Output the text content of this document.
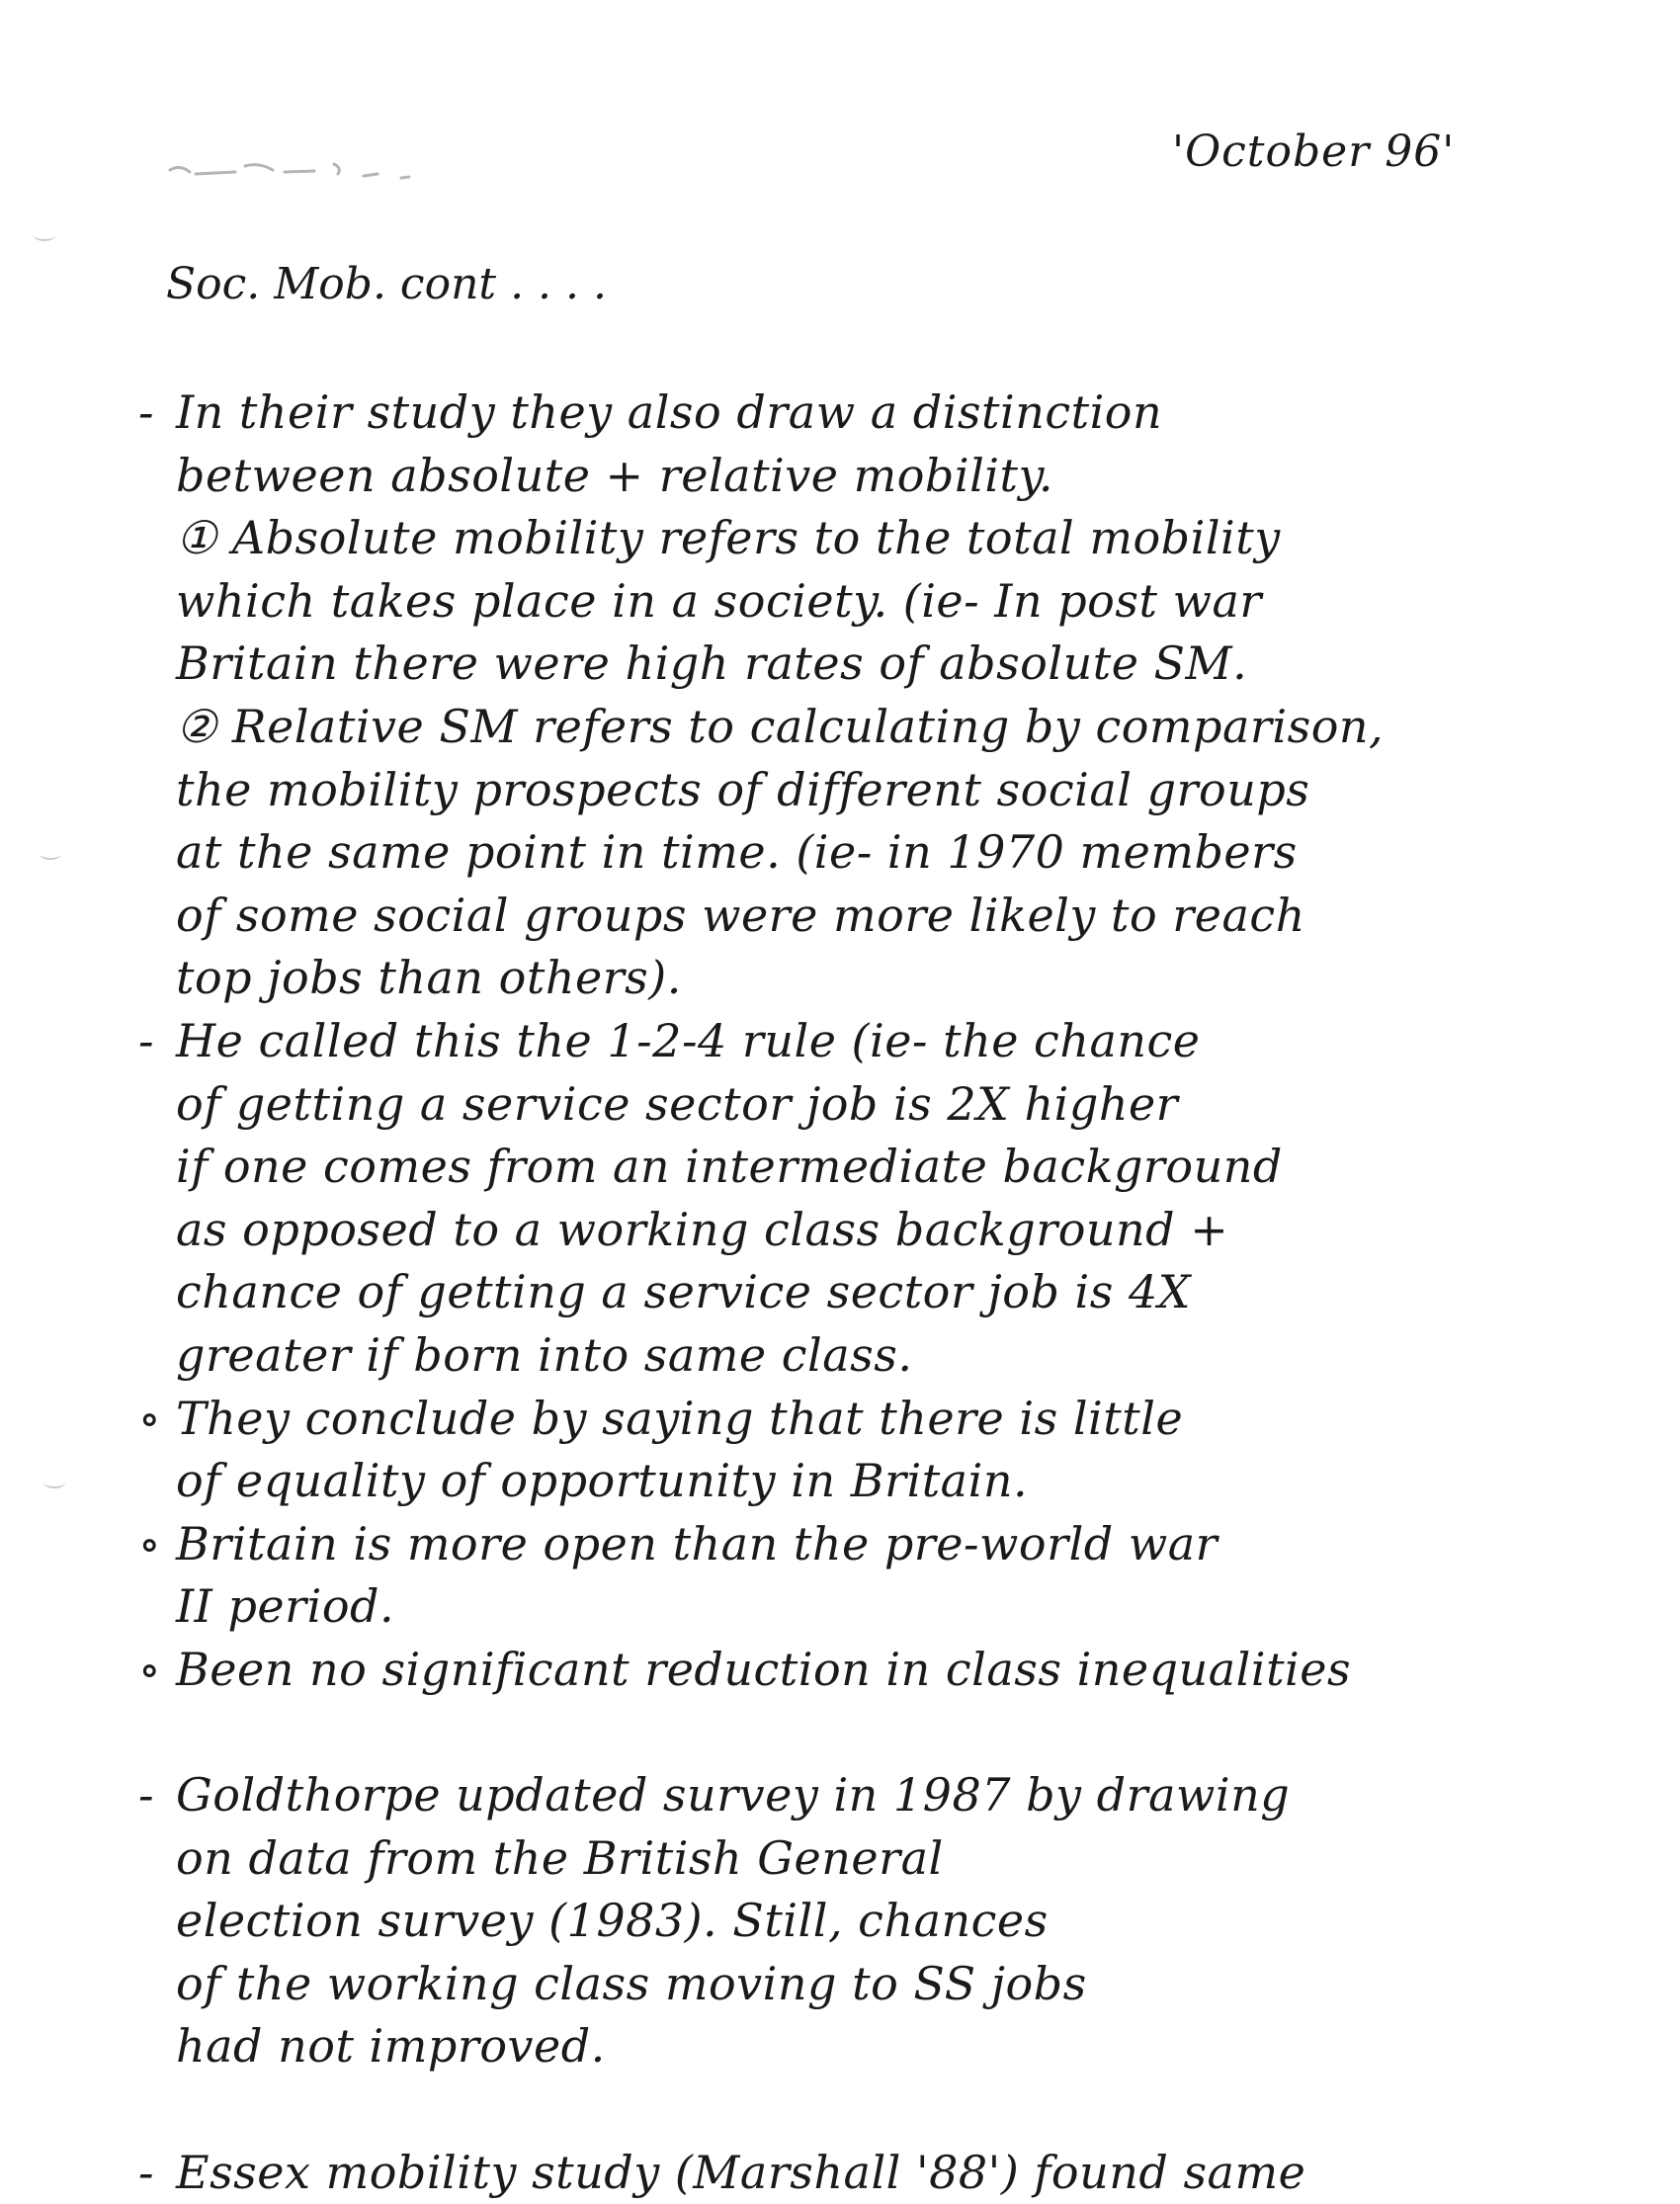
'October 96'
Soc. Mob. cont . . . .
- In their study they also draw a distinction
between absolute + relative mobility.
① Absolute mobility refers to the total mobility
which takes place in a society. (ie- In post war
Britain there were high rates of absolute SM.
② Relative SM refers to calculating by comparison,
the mobility prospects of different social groups
at the same point in time. (ie- in 1970 members
of some social groups were more likely to reach
top jobs than others).
- He called this the 1-2-4 rule (ie- the chance
of getting a service sector job is 2X higher
if one comes from an intermediate background
as opposed to a working class background +
chance of getting a service sector job is 4X
greater if born into same class.
∘ They conclude by saying that there is little
of equality of opportunity in Britain.
∘ Britain is more open than the pre-world war
II period.
∘ Been no significant reduction in class inequalities
- Goldthorpe updated survey in 1987 by drawing
on data from the British General
election survey (1983). Still, chances
of the working class moving to SS jobs
had not improved.
- Essex mobility study (Marshall '88') found same
